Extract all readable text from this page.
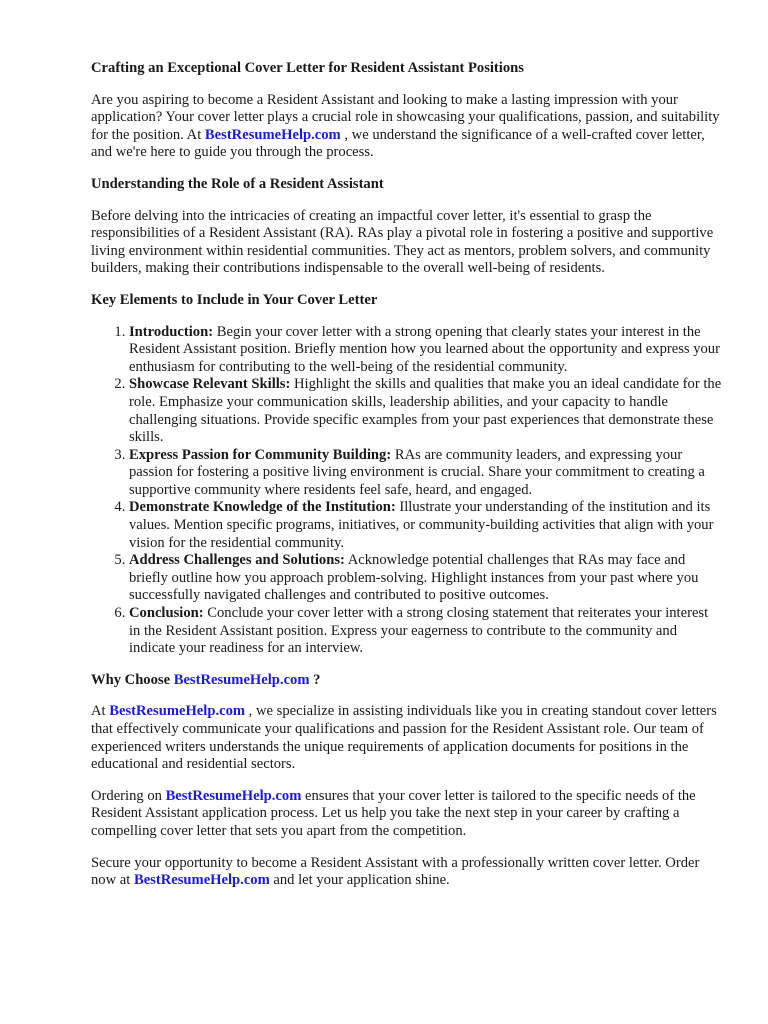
Crafting an Exceptional Cover Letter for Resident Assistant Positions

Are you aspiring to become a Resident Assistant and looking to make a lasting impression with your application? Your cover letter plays a crucial role in showcasing your qualifications, passion, and suitability for the position. At BestResumeHelp.com , we understand the significance of a well-crafted cover letter, and we're here to guide you through the process.

Understanding the Role of a Resident Assistant

Before delving into the intricacies of creating an impactful cover letter, it's essential to grasp the responsibilities of a Resident Assistant (RA). RAs play a pivotal role in fostering a positive and supportive living environment within residential communities. They act as mentors, problem solvers, and community builders, making their contributions indispensable to the overall well-being of residents.

Key Elements to Include in Your Cover Letter
1. Introduction: Begin your cover letter with a strong opening that clearly states your interest in the Resident Assistant position. Briefly mention how you learned about the opportunity and express your enthusiasm for contributing to the well-being of the residential community.
2. Showcase Relevant Skills: Highlight the skills and qualities that make you an ideal candidate for the role. Emphasize your communication skills, leadership abilities, and your capacity to handle challenging situations. Provide specific examples from your past experiences that demonstrate these skills.
3. Express Passion for Community Building: RAs are community leaders, and expressing your passion for fostering a positive living environment is crucial. Share your commitment to creating a supportive community where residents feel safe, heard, and engaged.
4. Demonstrate Knowledge of the Institution: Illustrate your understanding of the institution and its values. Mention specific programs, initiatives, or community-building activities that align with your vision for the residential community.
5. Address Challenges and Solutions: Acknowledge potential challenges that RAs may face and briefly outline how you approach problem-solving. Highlight instances from your past where you successfully navigated challenges and contributed to positive outcomes.
6. Conclusion: Conclude your cover letter with a strong closing statement that reiterates your interest in the Resident Assistant position. Express your eagerness to contribute to the community and indicate your readiness for an interview.
Why Choose BestResumeHelp.com ?

At BestResumeHelp.com , we specialize in assisting individuals like you in creating standout cover letters that effectively communicate your qualifications and passion for the Resident Assistant role. Our team of experienced writers understands the unique requirements of application documents for positions in the educational and residential sectors.

Ordering on BestResumeHelp.com ensures that your cover letter is tailored to the specific needs of the Resident Assistant application process. Let us help you take the next step in your career by crafting a compelling cover letter that sets you apart from the competition.

Secure your opportunity to become a Resident Assistant with a professionally written cover letter. Order now at BestResumeHelp.com and let your application shine.
